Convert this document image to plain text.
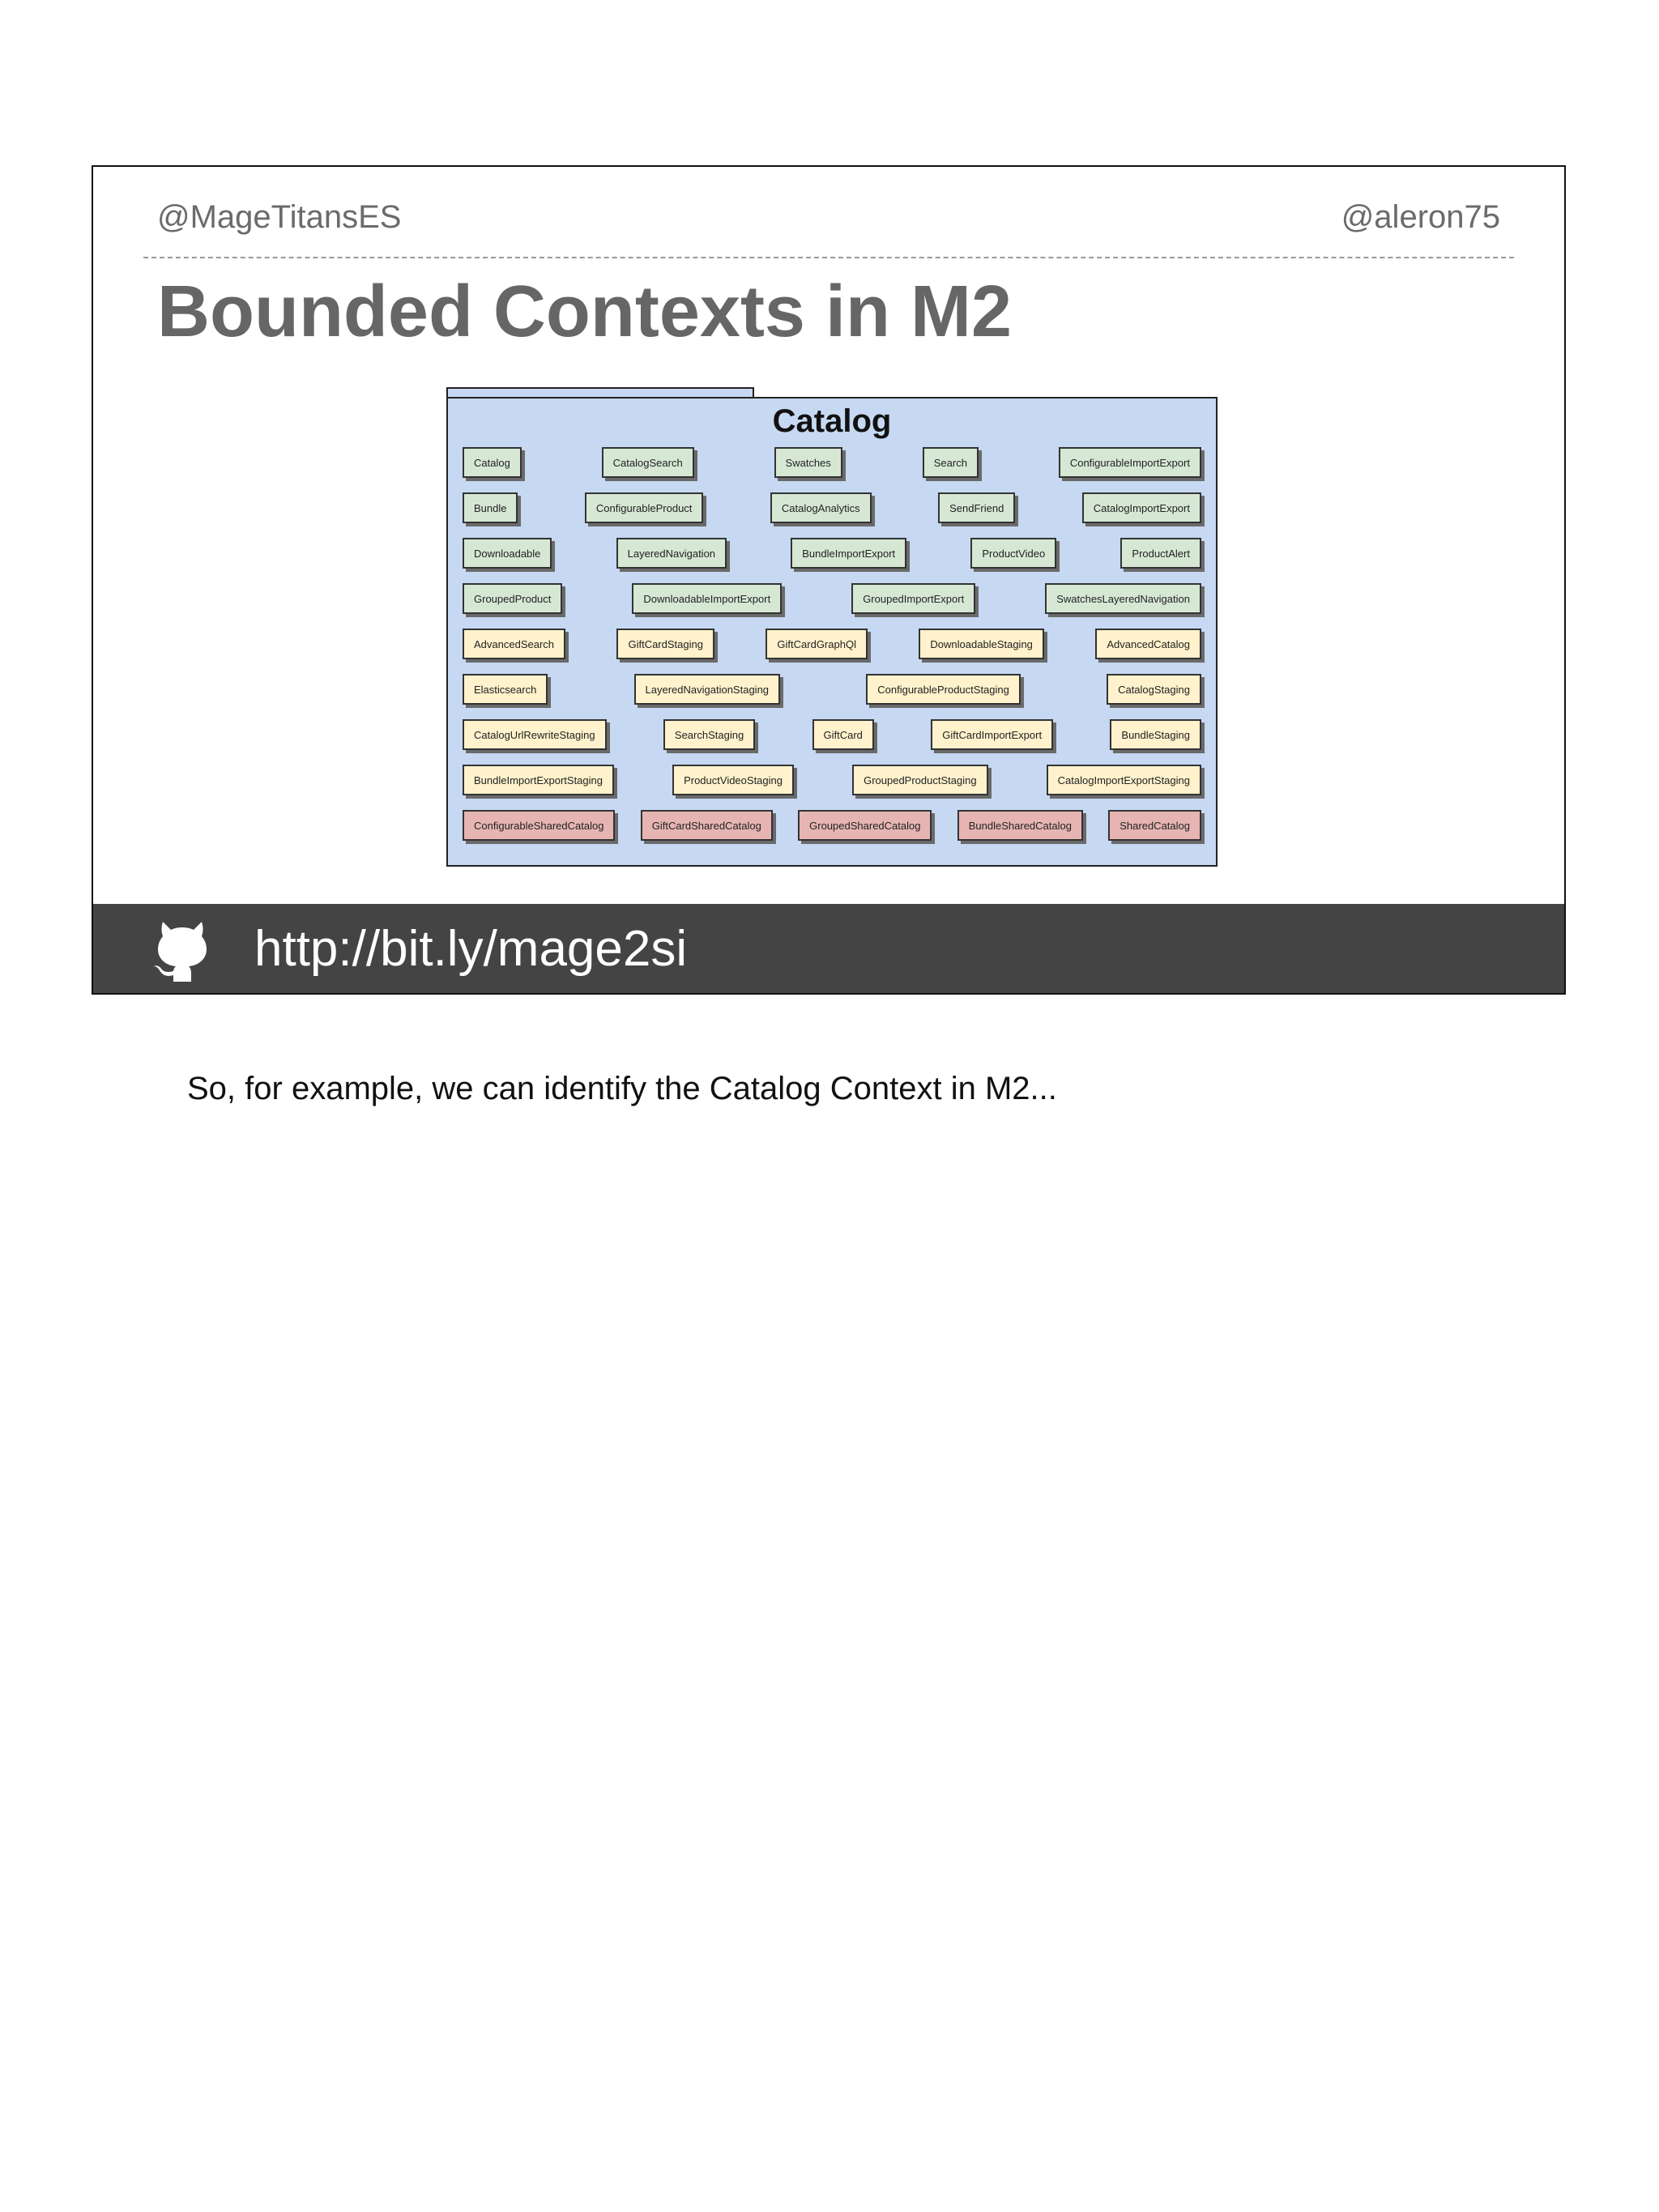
@MageTitansES	@aleron75
Bounded Contexts in M2
Catalog
Catalog	CatalogSearch	Swatches	Search	ConfigurableImportExport
Bundle	ConfigurableProduct	CatalogAnalytics	SendFriend	CatalogImportExport
Downloadable	LayeredNavigation	BundleImportExport	ProductVideo	ProductAlert
GroupedProduct	DownloadableImportExport	GroupedImportExport	SwatchesLayeredNavigation
AdvancedSearch	GiftCardStaging	GiftCardGraphQl	DownloadableStaging	AdvancedCatalog
Elasticsearch	LayeredNavigationStaging	ConfigurableProductStaging	CatalogStaging
CatalogUrlRewriteStaging	SearchStaging	GiftCard	GiftCardImportExport	BundleStaging
BundleImportExportStaging	ProductVideoStaging	GroupedProductStaging	CatalogImportExportStaging
ConfigurableSharedCatalog	GiftCardSharedCatalog	GroupedSharedCatalog	BundleSharedCatalog	SharedCatalog
http://bit.ly/mage2si
So, for example, we can identify the Catalog Context in M2...
